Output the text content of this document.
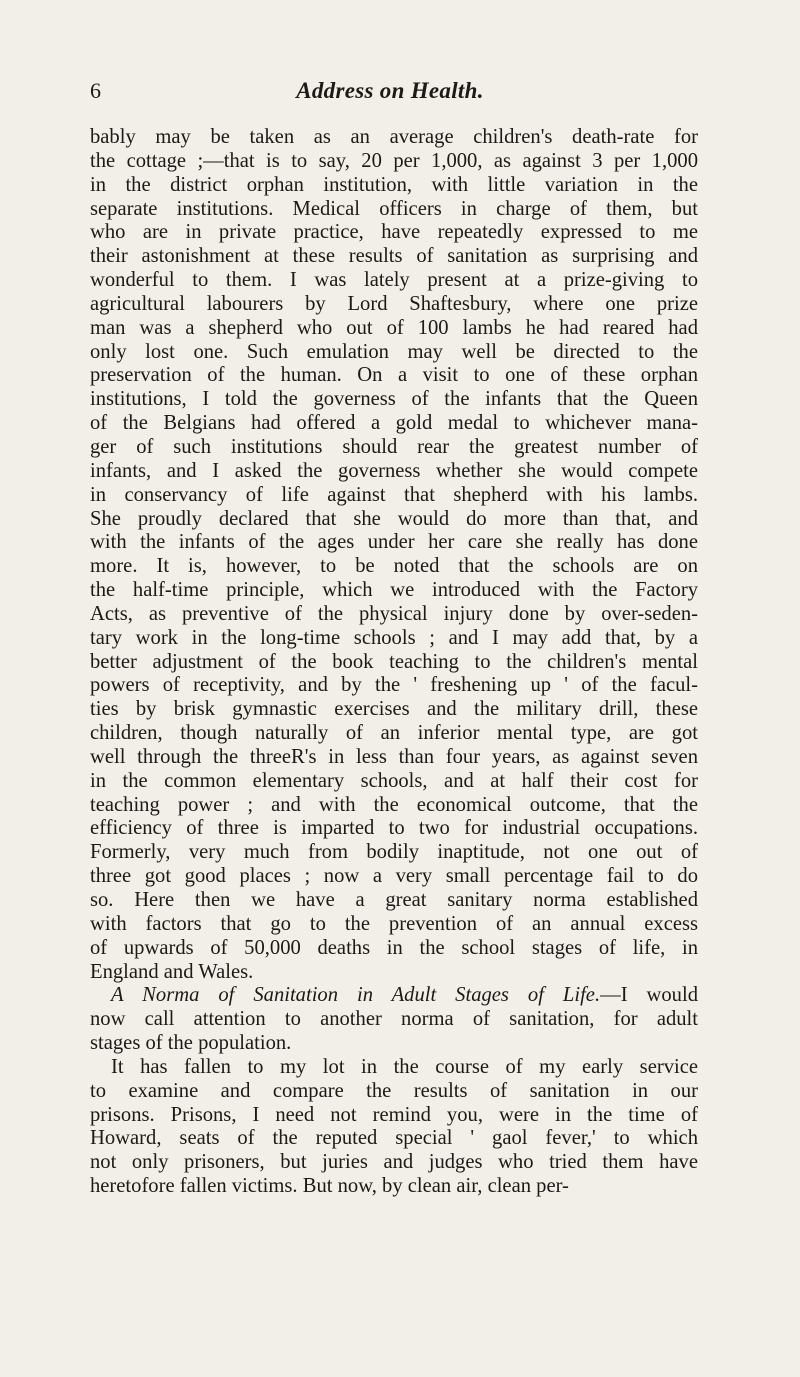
6	Address on Health.
bably may be taken as an average children's death-rate for
the cottage ;—that is to say, 20 per 1,000, as against 3 per 1,000
in the district orphan institution, with little variation in the
separate institutions. Medical officers in charge of them, but
who are in private practice, have repeatedly expressed to me
their astonishment at these results of sanitation as surprising and
wonderful to them. I was lately present at a prize-giving to
agricultural labourers by Lord Shaftesbury, where one prize
man was a shepherd who out of 100 lambs he had reared had
only lost one. Such emulation may well be directed to the
preservation of the human. On a visit to one of these orphan
institutions, I told the governess of the infants that the Queen
of the Belgians had offered a gold medal to whichever mana-
ger of such institutions should rear the greatest number of
infants, and I asked the governess whether she would compete
in conservancy of life against that shepherd with his lambs.
She proudly declared that she would do more than that, and
with the infants of the ages under her care she really has done
more. It is, however, to be noted that the schools are on
the half-time principle, which we introduced with the Factory
Acts, as preventive of the physical injury done by over-seden-
tary work in the long-time schools ; and I may add that, by a
better adjustment of the book teaching to the children's mental
powers of receptivity, and by the ' freshening up ' of the facul-
ties by brisk gymnastic exercises and the military drill, these
children, though naturally of an inferior mental type, are got
well through the threeR's in less than four years, as against seven
in the common elementary schools, and at half their cost for
teaching power ; and with the economical outcome, that the
efficiency of three is imparted to two for industrial occupations.
Formerly, very much from bodily inaptitude, not one out of
three got good places ; now a very small percentage fail to do
so. Here then we have a great sanitary norma established
with factors that go to the prevention of an annual excess
of upwards of 50,000 deaths in the school stages of life, in
England and Wales.
A Norma of Sanitation in Adult Stages of Life.—I would
now call attention to another norma of sanitation, for adult
stages of the population.
It has fallen to my lot in the course of my early service
to examine and compare the results of sanitation in our
prisons. Prisons, I need not remind you, were in the time of
Howard, seats of the reputed special ' gaol fever,' to which
not only prisoners, but juries and judges who tried them have
heretofore fallen victims. But now, by clean air, clean per-
